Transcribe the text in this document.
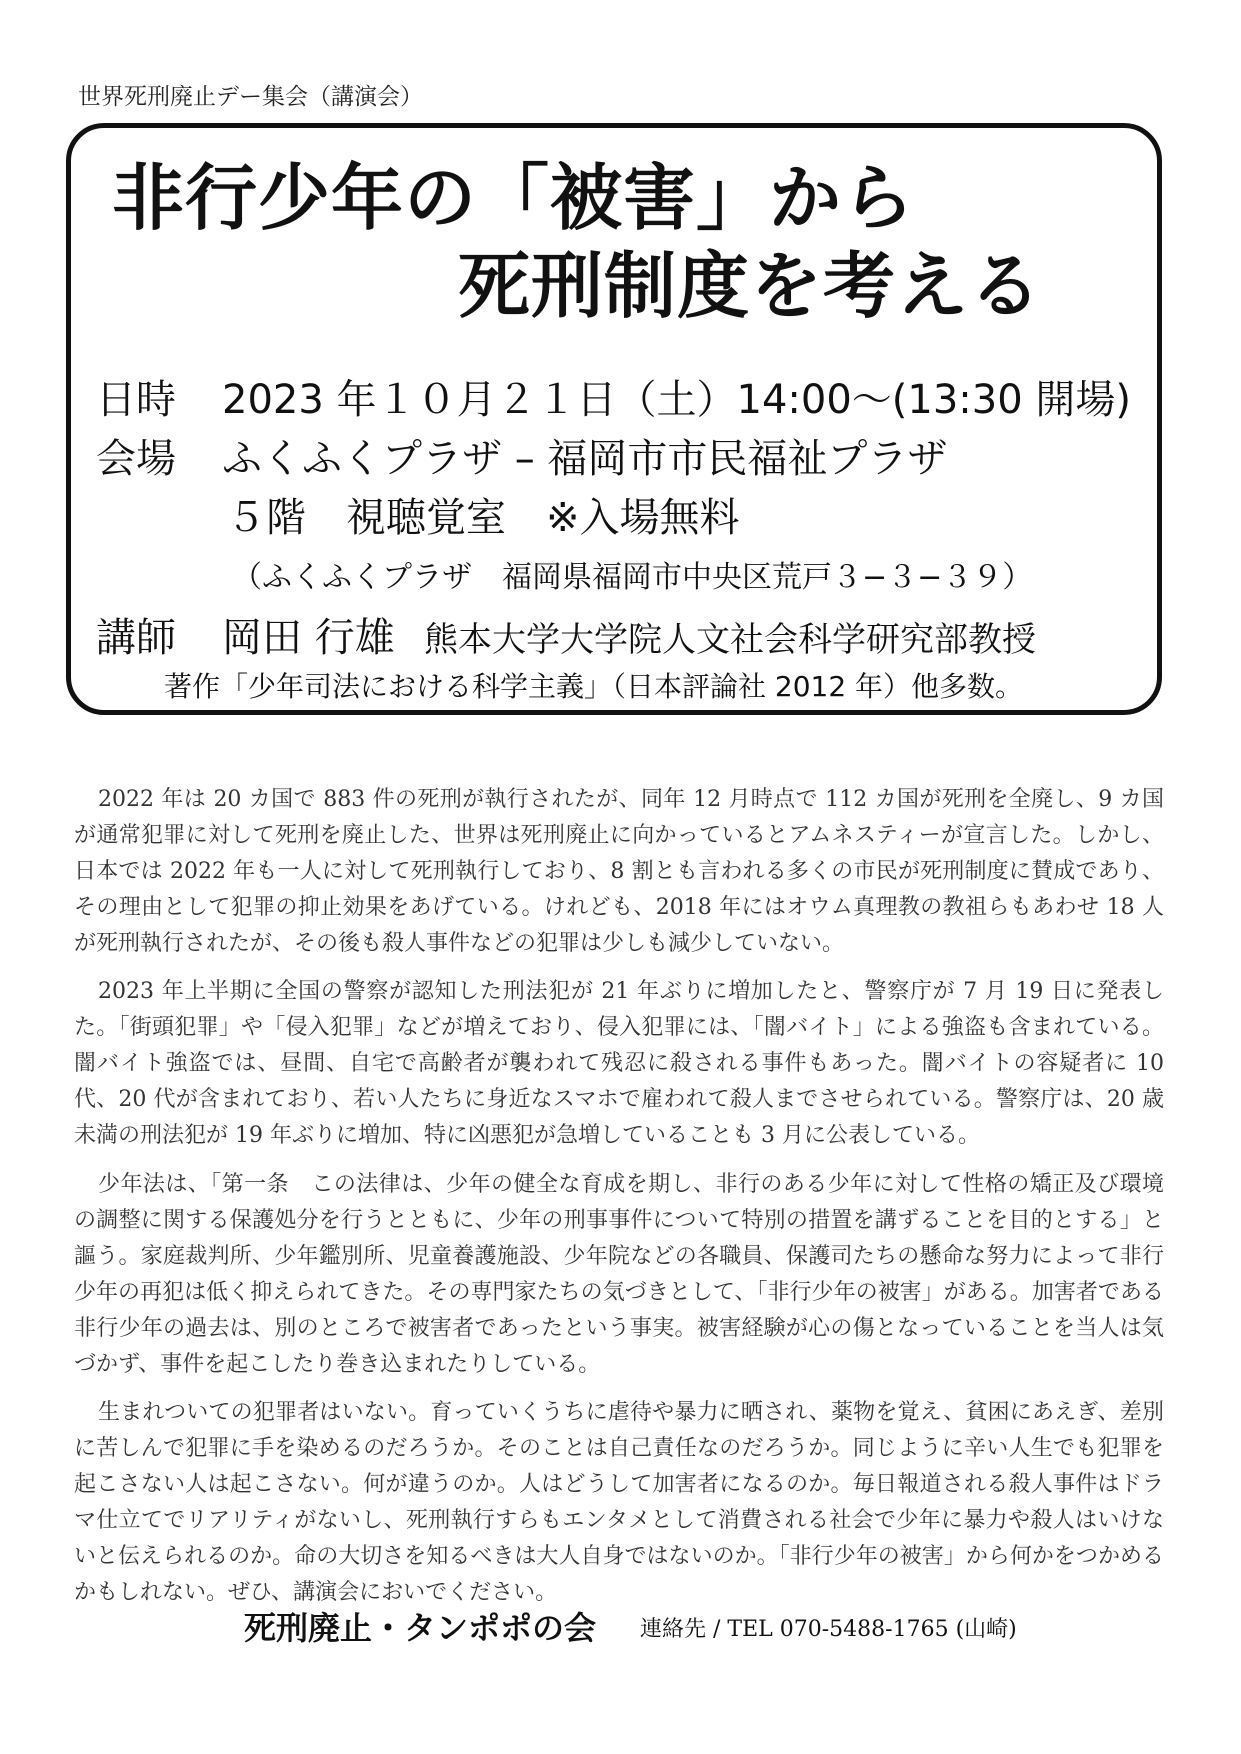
世界死刑廃止デー集会（講演会）
非行少年の「被害」から
死刑制度を考える
日時 2023 年１０月２１日（土）14:00～(13:30 開場)
会場 ふくふくプラザ – 福岡市市民福祉プラザ
５階　視聴覚室　※入場無料
（ふくふくプラザ　福岡県福岡市中央区荒戸３−３−３９）
講師 岡田 行雄 熊本大学大学院人文社会科学研究部教授
著作「少年司法における科学主義」（日本評論社 2012 年）他多数。

2022 年は 20 カ国で 883 件の死刑が執行されたが、同年 12 月時点で 112 カ国が死刑を全廃し、9 カ国が通常犯罪に対して死刑を廃止した、世界は死刑廃止に向かっているとアムネスティーが宣言した。しかし、日本では 2022 年も一人に対して死刑執行しており、8 割とも言われる多くの市民が死刑制度に賛成であり、その理由として犯罪の抑止効果をあげている。けれども、2018 年にはオウム真理教の教祖らもあわせ 18 人が死刑執行されたが、その後も殺人事件などの犯罪は少しも減少していない。

2023 年上半期に全国の警察が認知した刑法犯が 21 年ぶりに増加したと、警察庁が 7 月 19 日に発表した。「街頭犯罪」や「侵入犯罪」などが増えており、侵入犯罪には、「闇バイト」による強盗も含まれている。闇バイト強盗では、昼間、自宅で高齢者が襲われて残忍に殺される事件もあった。闇バイトの容疑者に 10 代、20 代が含まれており、若い人たちに身近なスマホで雇われて殺人までさせられている。警察庁は、20 歳未満の刑法犯が 19 年ぶりに増加、特に凶悪犯が急増していることも 3 月に公表している。

少年法は、「第一条　この法律は、少年の健全な育成を期し、非行のある少年に対して性格の矯正及び環境の調整に関する保護処分を行うとともに、少年の刑事事件について特別の措置を講ずることを目的とする」と謳う。家庭裁判所、少年鑑別所、児童養護施設、少年院などの各職員、保護司たちの懸命な努力によって非行少年の再犯は低く抑えられてきた。その専門家たちの気づきとして、「非行少年の被害」がある。加害者である非行少年の過去は、別のところで被害者であったという事実。被害経験が心の傷となっていることを当人は気づかず、事件を起こしたり巻き込まれたりしている。

生まれついての犯罪者はいない。育っていくうちに虐待や暴力に晒され、薬物を覚え、貧困にあえぎ、差別に苦しんで犯罪に手を染めるのだろうか。そのことは自己責任なのだろうか。同じように辛い人生でも犯罪を起こさない人は起こさない。何が違うのか。人はどうして加害者になるのか。毎日報道される殺人事件はドラマ仕立てでリアリティがないし、死刑執行すらもエンタメとして消費される社会で少年に暴力や殺人はいけないと伝えられるのか。命の大切さを知るべきは大人自身ではないのか。「非行少年の被害」から何かをつかめるかもしれない。ぜひ、講演会においでください。

死刑廃止・タンポポの会 連絡先 / TEL 070-5488-1765 (山崎)
